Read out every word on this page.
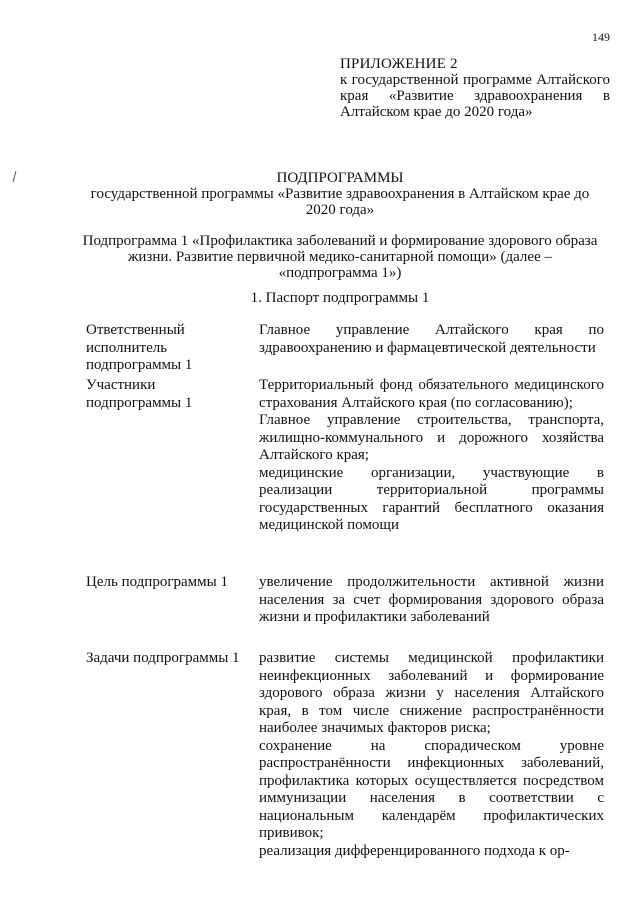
149
ПРИЛОЖЕНИЕ 2
к государственной программе Алтайского края «Развитие здравоохранения в Алтайском крае до 2020 года»
ПОДПРОГРАММЫ
государственной программы «Развитие здравоохранения в Алтайском крае до 2020 года»
Подпрограмма 1 «Профилактика заболеваний и формирование здорового образа жизни. Развитие первичной медико-санитарной помощи» (далее – «подпрограмма 1»)
1. Паспорт подпрограммы 1
Ответственный исполнитель подпрограммы 1
Главное управление Алтайского края по здравоохранению и фармацевтической деятельности
Участники подпрограммы 1
Территориальный фонд обязательного медицинского страхования Алтайского края (по согласованию);
Главное управление строительства, транспорта, жилищно-коммунального и дорожного хозяйства Алтайского края;
медицинские организации, участвующие в реализации территориальной программы государственных гарантий бесплатного оказания медицинской помощи
Цель подпрограммы 1	увеличение продолжительности активной жизни населения за счет формирования здорового образа жизни и профилактики заболеваний
Задачи подпрограммы 1	развитие системы медицинской профилактики неинфекционных заболеваний и формирование здорового образа жизни у населения Алтайского края, в том числе снижение распространённости наиболее значимых факторов риска;
сохранение на спорадическом уровне распространённости инфекционных заболеваний, профилактика которых осуществляется посредством иммунизации населения в соответствии с национальным календарём профилактических прививок;
реализация дифференцированного подхода к ор-
